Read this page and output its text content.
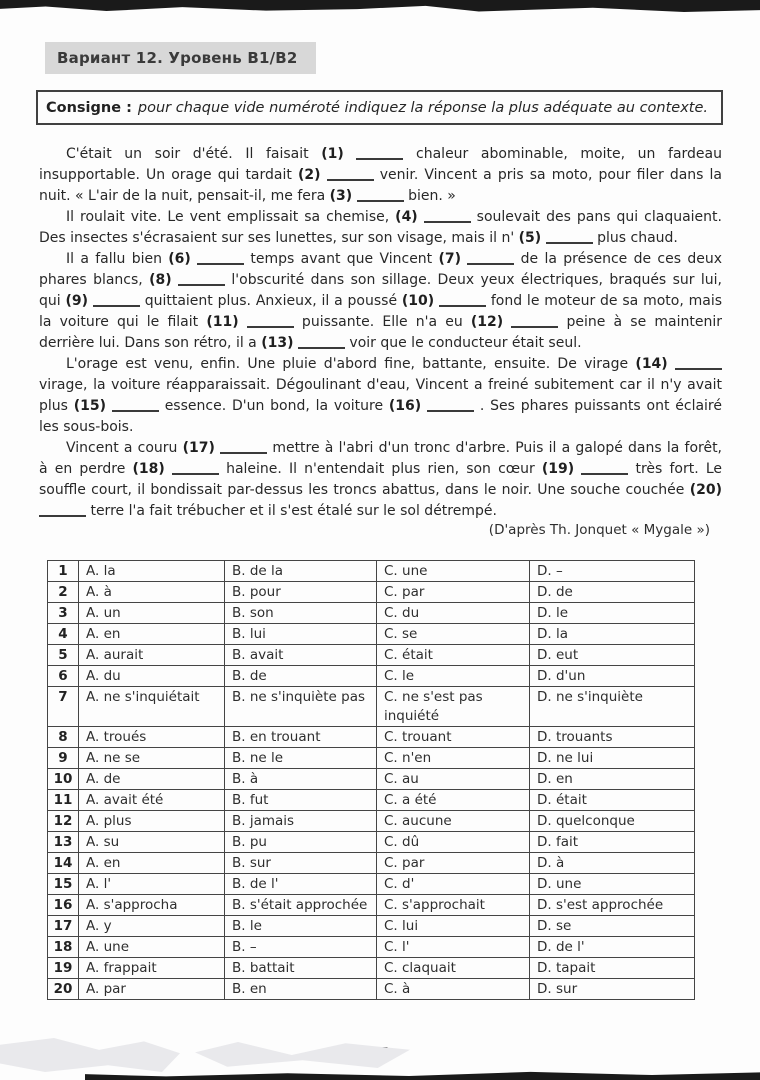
Вариант 12. Уровень B1/B2
Consigne : pour chaque vide numéroté indiquez la réponse la plus adéquate au contexte.

C'était un soir d'été. Il faisait (1)	chaleur abominable, moite, un fardeau insupportable. Un orage qui tardait (2)	venir. Vincent a pris sa moto, pour filer dans la nuit. « L'air de la nuit, pensait-il, me fera (3)	bien. »

Il roulait vite. Le vent emplissait sa chemise, (4)	soulevait des pans qui claquaient. Des insectes s'écrasaient sur ses lunettes, sur son visage, mais il n' (5)	plus chaud.

Il a fallu bien (6)	temps avant que Vincent (7)	de la présence de ces deux phares blancs, (8)	l'obscurité dans son sillage. Deux yeux électriques, braqués sur lui, qui (9)	quittaient plus. Anxieux, il a poussé (10)	fond le moteur de sa moto, mais la voiture qui le filait (11)	puissante. Elle n'a eu (12)	peine à se maintenir derrière lui. Dans son rétro, il a (13)	voir que le conducteur était seul.

L'orage est venu, enfin. Une pluie d'abord fine, battante, ensuite. De virage (14)  virage, la voiture réapparaissait. Dégoulinant d'eau, Vincent a freiné subitement car il n'y avait plus (15)	essence. D'un bond, la voiture (16)	. Ses phares puissants ont éclairé les sous-bois.

Vincent a couru (17)	mettre à l'abri d'un tronc d'arbre. Puis il a galopé dans la forêt, à en perdre (18)	haleine. Il n'entendait plus rien, son cœur (19)	très fort. Le souffle court, il bondissait par-dessus les troncs abattus, dans le noir. Une souche couchée (20)  terre l'a fait trébucher et il s'est étalé sur le sol détrempé.

(D'après Th. Jonquet « Mygale »)
1	A. la	B. de la	C. une	D. –
2	A. à	B. pour	C. par	D. de
3	A. un	B. son	C. du	D. le
4	A. en	B. lui	C. se	D. la
5	A. aurait	B. avait	C. était	D. eut
6	A. du	B. de	C. le	D. d'un
7	A. ne s'inquiétait	B. ne s'inquiète pas	C. ne s'est pas inquiété	D. ne s'inquiète
8	A. troués	B. en trouant	C. trouant	D. trouants
9	A. ne se	B. ne le	C. n'en	D. ne lui
10	A. de	B. à	C. au	D. en
11	A. avait été	B. fut	C. a été	D. était
12	A. plus	B. jamais	C. aucune	D. quelconque
13	A. su	B. pu	C. dû	D. fait
14	A. en	B. sur	C. par	D. à
15	A. l'	B. de l'	C. d'	D. une
16	A. s'approcha	B. s'était approchée	C. s'approchait	D. s'est approchée
17	A. y	B. le	C. lui	D. se
18	A. une	B. –	C. l'	D. de l'
19	A. frappait	B. battait	C. claquait	D. tapait
20	A. par	B. en	C. à	D. sur
